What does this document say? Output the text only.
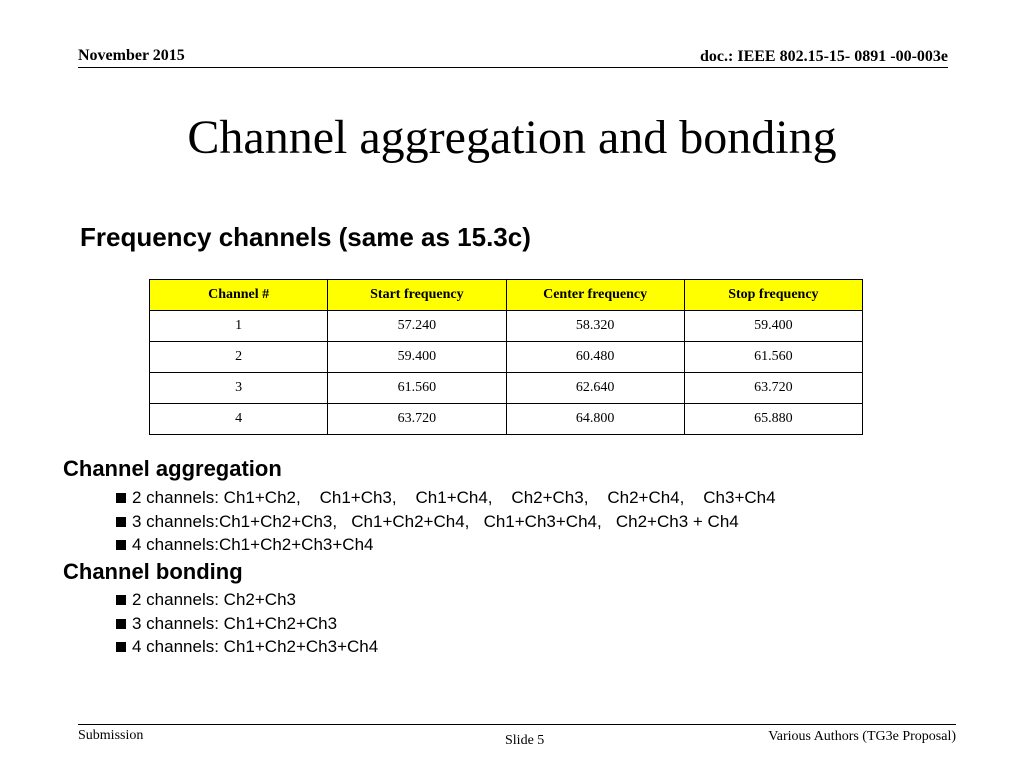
November 2015	doc.: IEEE 802.15-15- 0891 -00-003e
Channel aggregation and bonding
Frequency channels (same as 15.3c)
Channel #	Start frequency	Center frequency	Stop frequency
1	57.240	58.320	59.400
2	59.400	60.480	61.560
3	61.560	62.640	63.720
4	63.720	64.800	65.880
Channel aggregation
2 channels: Ch1+Ch2,    Ch1+Ch3,    Ch1+Ch4,    Ch2+Ch3,    Ch2+Ch4,    Ch3+Ch4
3 channels:Ch1+Ch2+Ch3,   Ch1+Ch2+Ch4,   Ch1+Ch3+Ch4,   Ch2+Ch3 + Ch4
4 channels:Ch1+Ch2+Ch3+Ch4
Channel bonding
2 channels: Ch2+Ch3
3 channels: Ch1+Ch2+Ch3
4 channels: Ch1+Ch2+Ch3+Ch4
Submission	Slide 5	Various Authors (TG3e Proposal)
